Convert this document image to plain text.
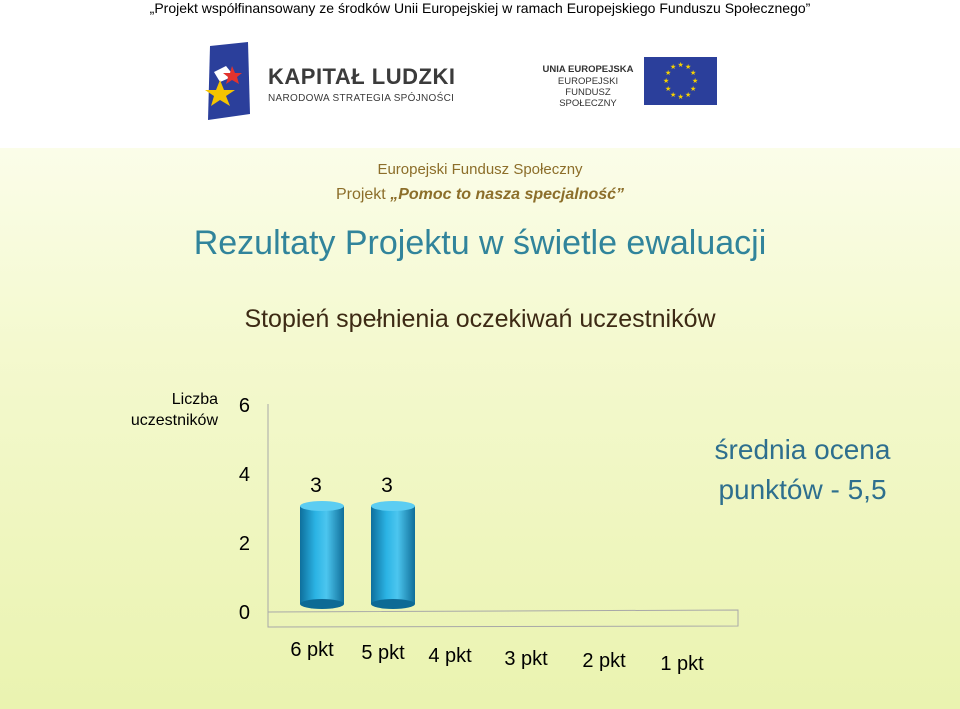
„Projekt współfinansowany ze środków Unii Europejskiej w ramach Europejskiego Funduszu Społecznego”
KAPITAŁ LUDZKI
NARODOWA STRATEGIA SPÓJNOŚCI
UNIA EUROPEJSKA
EUROPEJSKI
FUNDUSZ SPOŁECZNY
★ ★
★
★
★
★
★
★
★
★
★
★
Europejski Fundusz Społeczny
Projekt „Pomoc to nasza specjalność”
Rezultaty Projektu w świetle ewaluacji
Stopień spełnienia oczekiwań uczestników
Liczba uczestników
średnia ocena
punktów - 5,5
0
2
4
6
3
6 pkt
3
5 pkt 4 pkt 3 pkt 2 pkt 1 pkt
